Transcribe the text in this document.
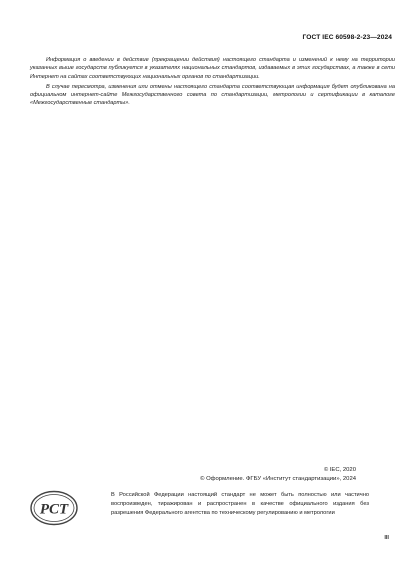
ГОСТ IEC 60598-2-23—2024

Информация о введении в действие (прекращении действия) настоящего стандарта и изменений к нему на территории указанных выше государств публикуется в указателях национальных стандартов, издаваемых в этих государствах, а также в сети Интернет на сайтах соответствующих национальных органов по стандартизации.

В случае пересмотра, изменения или отмены настоящего стандарта соответствующая информация будет опубликована на официальном интернет-сайте Межгосударственного совета по стандартизации, метрологии и сертификации в каталоге «Межгосударственные стандарты».

© IEC, 2020
© Оформление. ФГБУ «Институт стандартизации», 2024
РСТ
В Российской Федерации настоящий стандарт не может быть полностью или частично воспроизведен, тиражирован и распространен в качестве официального издания без разрешения Федерального агентства по техническому регулированию и метрологии
III
